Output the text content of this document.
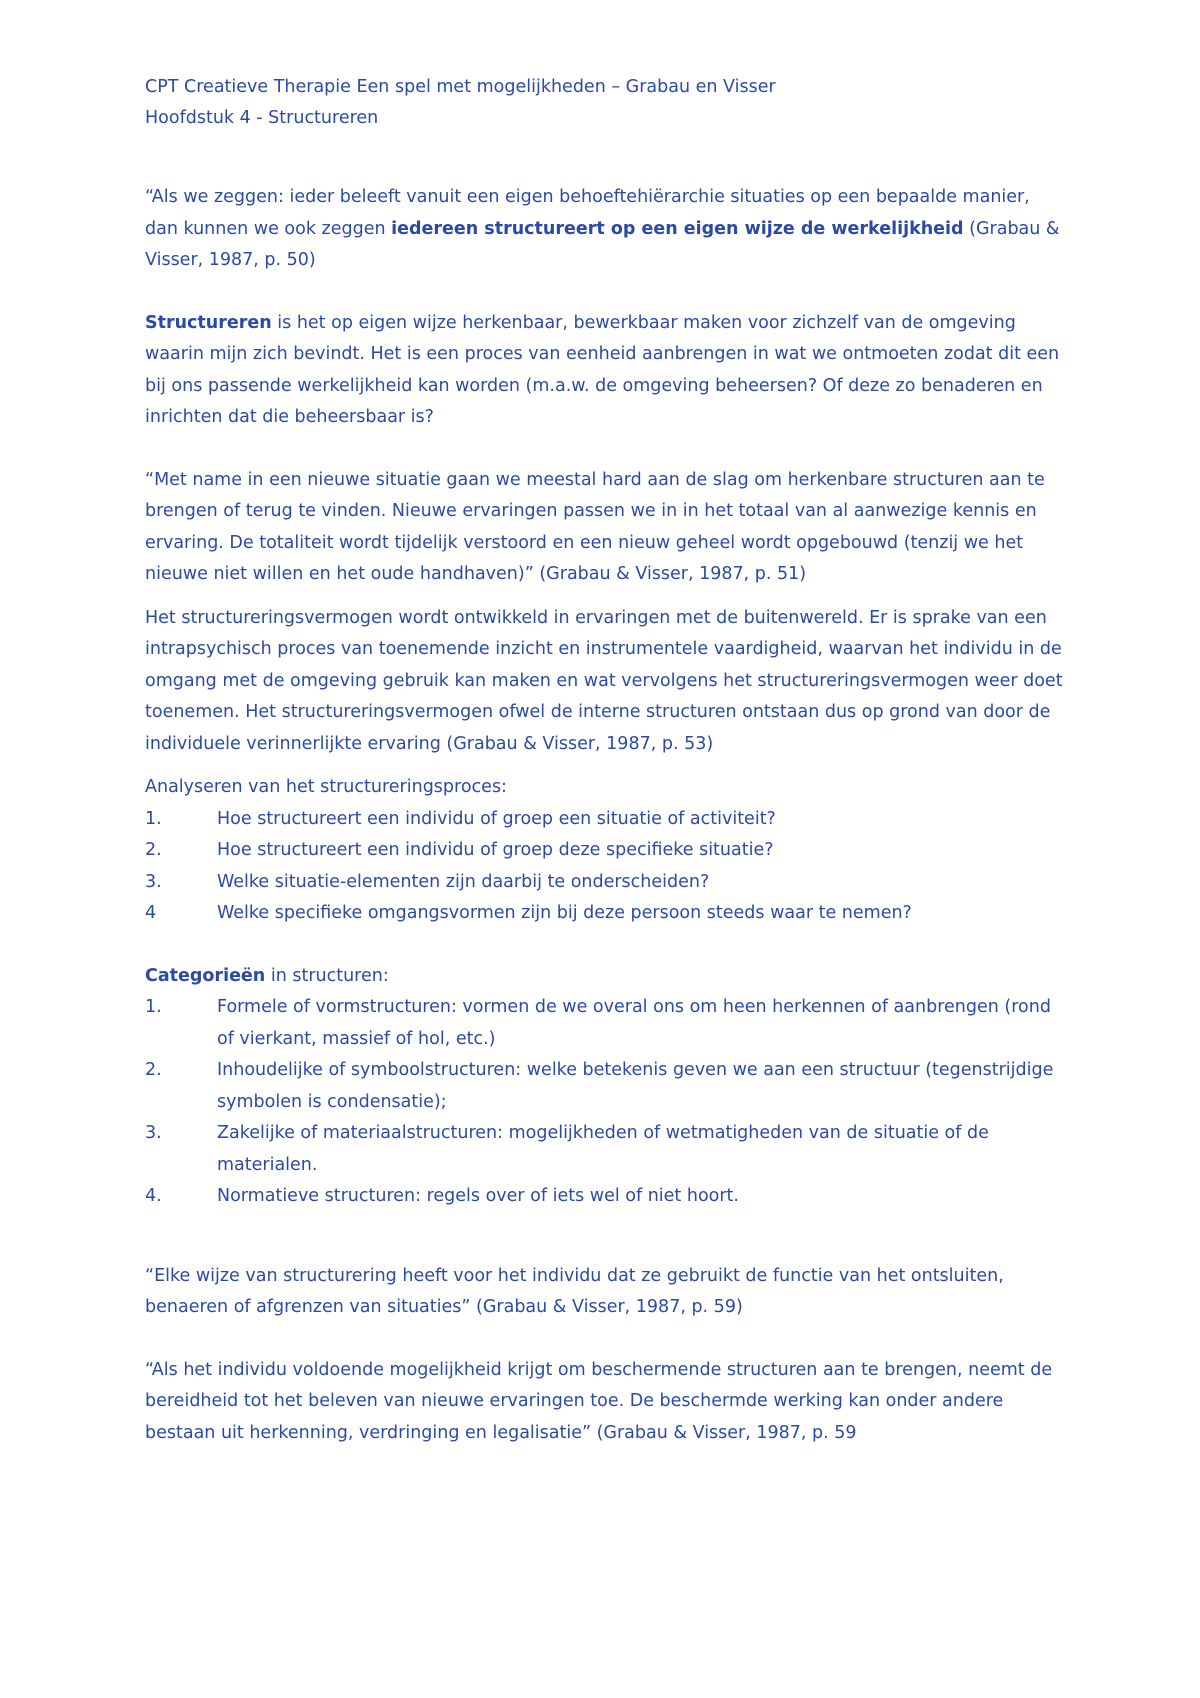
CPT Creatieve Therapie Een spel met mogelijkheden – Grabau en Visser

Hoofdstuk 4 - Structureren

“Als we zeggen: ieder beleeft vanuit een eigen behoeftehiërarchie situaties op een bepaalde manier, dan kunnen we ook zeggen iedereen structureert op een eigen wijze de werkelijkheid (Grabau & Visser, 1987, p. 50)

Structureren is het op eigen wijze herkenbaar, bewerkbaar maken voor zichzelf van de omgeving waarin mijn zich bevindt. Het is een proces van eenheid aanbrengen in wat we ontmoeten zodat dit een bij ons passende werkelijkheid kan worden (m.a.w. de omgeving beheersen? Of deze zo benaderen en inrichten dat die beheersbaar is?

“Met name in een nieuwe situatie gaan we meestal hard aan de slag om herkenbare structuren aan te brengen of terug te vinden. Nieuwe ervaringen passen we in in het totaal van al aanwezige kennis en ervaring. De totaliteit wordt tijdelijk verstoord en een nieuw geheel wordt opgebouwd (tenzij we het nieuwe niet willen en het oude handhaven)” (Grabau & Visser, 1987, p. 51)

Het structureringsvermogen wordt ontwikkeld in ervaringen met de buitenwereld. Er is sprake van een intrapsychisch proces van toenemende inzicht en instrumentele vaardigheid, waarvan het individu in de omgang met de omgeving gebruik kan maken en wat vervolgens het structureringsvermogen weer doet toenemen. Het structureringsvermogen ofwel de interne structuren ontstaan dus op grond van door de individuele verinnerlijkte ervaring (Grabau & Visser, 1987, p. 53)

Analyseren van het structureringsproces:

1.	Hoe structureert een individu of groep een situatie of activiteit?
2.	Hoe structureert een individu of groep deze specifieke situatie?
3.	Welke situatie-elementen zijn daarbij te onderscheiden?
4	Welke specifieke omgangsvormen zijn bij deze persoon steeds waar te nemen?

Categorieën in structuren:

1.	Formele of vormstructuren: vormen de we overal ons om heen herkennen of aanbrengen (rond of vierkant, massief of hol, etc.)
2.	Inhoudelijke of symboolstructuren: welke betekenis geven we aan een structuur (tegenstrijdige symbolen is condensatie);
3.	Zakelijke of materiaalstructuren: mogelijkheden of wetmatigheden van de situatie of de materialen.
4.	Normatieve structuren: regels over of iets wel of niet hoort.

“Elke wijze van structurering heeft voor het individu dat ze gebruikt de functie van het ontsluiten, benaeren of afgrenzen van situaties” (Grabau & Visser, 1987, p. 59)

“Als het individu voldoende mogelijkheid krijgt om beschermende structuren aan te brengen, neemt de bereidheid tot het beleven van nieuwe ervaringen toe. De beschermde werking kan onder andere bestaan uit herkenning, verdringing en legalisatie” (Grabau & Visser, 1987, p. 59
